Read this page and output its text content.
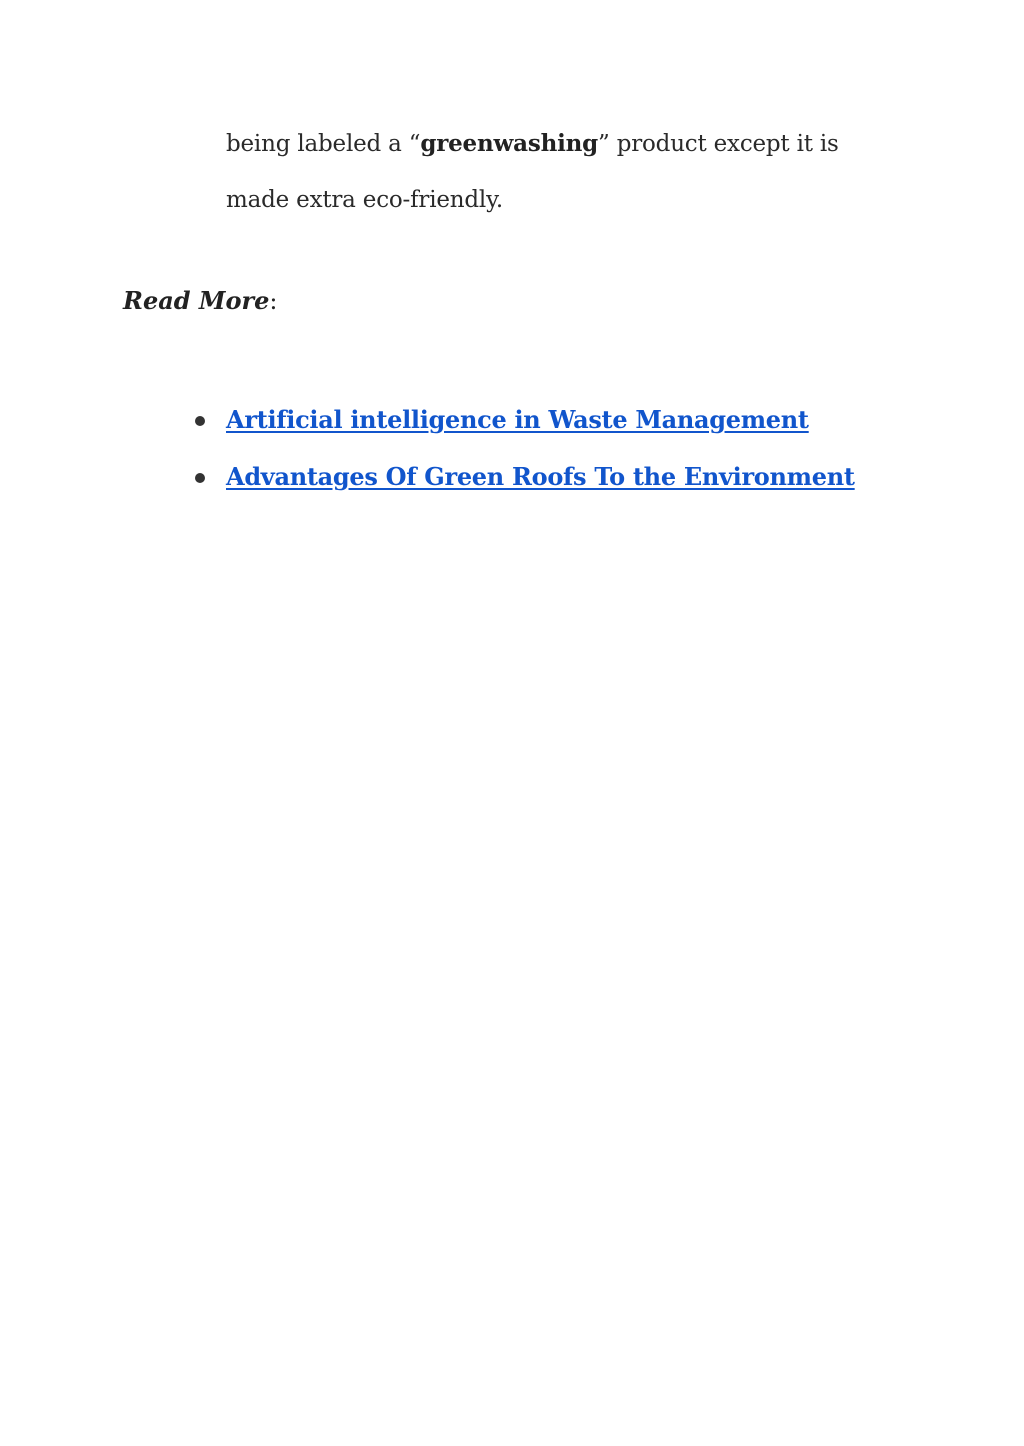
being labeled a “greenwashing” product except it is
made extra eco-friendly.

Read More:
Artificial intelligence in Waste Management
Advantages Of Green Roofs To the Environment
